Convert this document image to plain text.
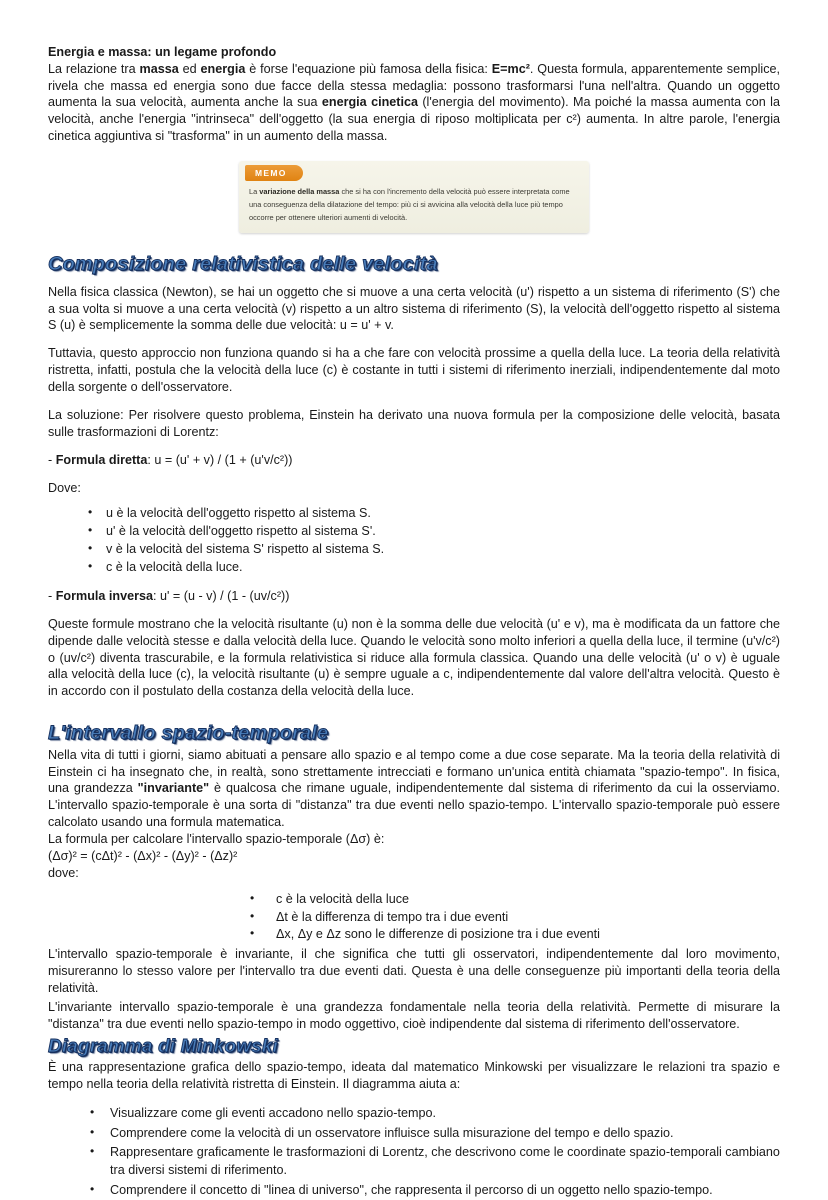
Energia e massa: un legame profondo

La relazione tra massa ed energia è forse l'equazione più famosa della fisica: E=mc². Questa formula, apparentemente semplice, rivela che massa ed energia sono due facce della stessa medaglia: possono trasformarsi l'una nell'altra. Quando un oggetto aumenta la sua velocità, aumenta anche la sua energia cinetica (l'energia del movimento). Ma poiché la massa aumenta con la velocità, anche l'energia "intrinseca" dell'oggetto (la sua energia di riposo moltiplicata per c²) aumenta. In altre parole, l'energia cinetica aggiuntiva si "trasforma" in un aumento della massa.

MEMO

La variazione della massa che si ha con l'incremento della velocità può essere interpretata come una conseguenza della dilatazione del tempo: più ci si avvicina alla velocità della luce più tempo occorre per ottenere ulteriori aumenti di velocità.

Composizione relativistica delle velocità

Nella fisica classica (Newton), se hai un oggetto che si muove a una certa velocità (u') rispetto a un sistema di riferimento (S') che a sua volta si muove a una certa velocità (v) rispetto a un altro sistema di riferimento (S), la velocità dell'oggetto rispetto al sistema S (u) è semplicemente la somma delle due velocità: u = u' + v.

Tuttavia, questo approccio non funziona quando si ha a che fare con velocità prossime a quella della luce. La teoria della relatività ristretta, infatti, postula che la velocità della luce (c) è costante in tutti i sistemi di riferimento inerziali, indipendentemente dal moto della sorgente o dell'osservatore.

La soluzione: Per risolvere questo problema, Einstein ha derivato una nuova formula per la composizione delle velocità, basata sulle trasformazioni di Lorentz:

- Formula diretta: u = (u' + v) / (1 + (u'v/c²))

Dove:

• u è la velocità dell'oggetto rispetto al sistema S.
• u' è la velocità dell'oggetto rispetto al sistema S'.
• v è la velocità del sistema S' rispetto al sistema S.
• c è la velocità della luce.

- Formula inversa: u' = (u - v) / (1 - (uv/c²))

Queste formule mostrano che la velocità risultante (u) non è la somma delle due velocità (u' e v), ma è modificata da un fattore che dipende dalle velocità stesse e dalla velocità della luce. Quando le velocità sono molto inferiori a quella della luce, il termine (u'v/c²) o (uv/c²) diventa trascurabile, e la formula relativistica si riduce alla formula classica. Quando una delle velocità (u' o v) è uguale alla velocità della luce (c), la velocità risultante (u) è sempre uguale a c, indipendentemente dal valore dell'altra velocità. Questo è in accordo con il postulato della costanza della velocità della luce.

L'intervallo spazio-temporale

Nella vita di tutti i giorni, siamo abituati a pensare allo spazio e al tempo come a due cose separate. Ma la teoria della relatività di Einstein ci ha insegnato che, in realtà, sono strettamente intrecciati e formano un'unica entità chiamata "spazio-tempo". In fisica, una grandezza "invariante" è qualcosa che rimane uguale, indipendentemente dal sistema di riferimento da cui la osserviamo. L'intervallo spazio-temporale è una sorta di "distanza" tra due eventi nello spazio-tempo. L'intervallo spazio-temporale può essere calcolato usando una formula matematica.

La formula per calcolare l'intervallo spazio-temporale (Δσ) è:

(Δσ)² = (cΔt)² - (Δx)² - (Δy)² - (Δz)²

dove:

• c è la velocità della luce
• Δt è la differenza di tempo tra i due eventi
• Δx, Δy e Δz sono le differenze di posizione tra i due eventi

L'intervallo spazio-temporale è invariante, il che significa che tutti gli osservatori, indipendentemente dal loro movimento, misureranno lo stesso valore per l'intervallo tra due eventi dati. Questa è una delle conseguenze più importanti della teoria della relatività.

L'invariante intervallo spazio-temporale è una grandezza fondamentale nella teoria della relatività. Permette di misurare la "distanza" tra due eventi nello spazio-tempo in modo oggettivo, cioè indipendente dal sistema di riferimento dell'osservatore.

Diagramma di Minkowski

È una rappresentazione grafica dello spazio-tempo, ideata dal matematico Minkowski per visualizzare le relazioni tra spazio e tempo nella teoria della relatività ristretta di Einstein. Il diagramma aiuta a:

• Visualizzare come gli eventi accadono nello spazio-tempo.
• Comprendere come la velocità di un osservatore influisce sulla misurazione del tempo e dello spazio.
• Rappresentare graficamente le trasformazioni di Lorentz, che descrivono come le coordinate spazio-temporali cambiano tra diversi sistemi di riferimento.
• Comprendere il concetto di "linea di universo", che rappresenta il percorso di un oggetto nello spazio-tempo.
